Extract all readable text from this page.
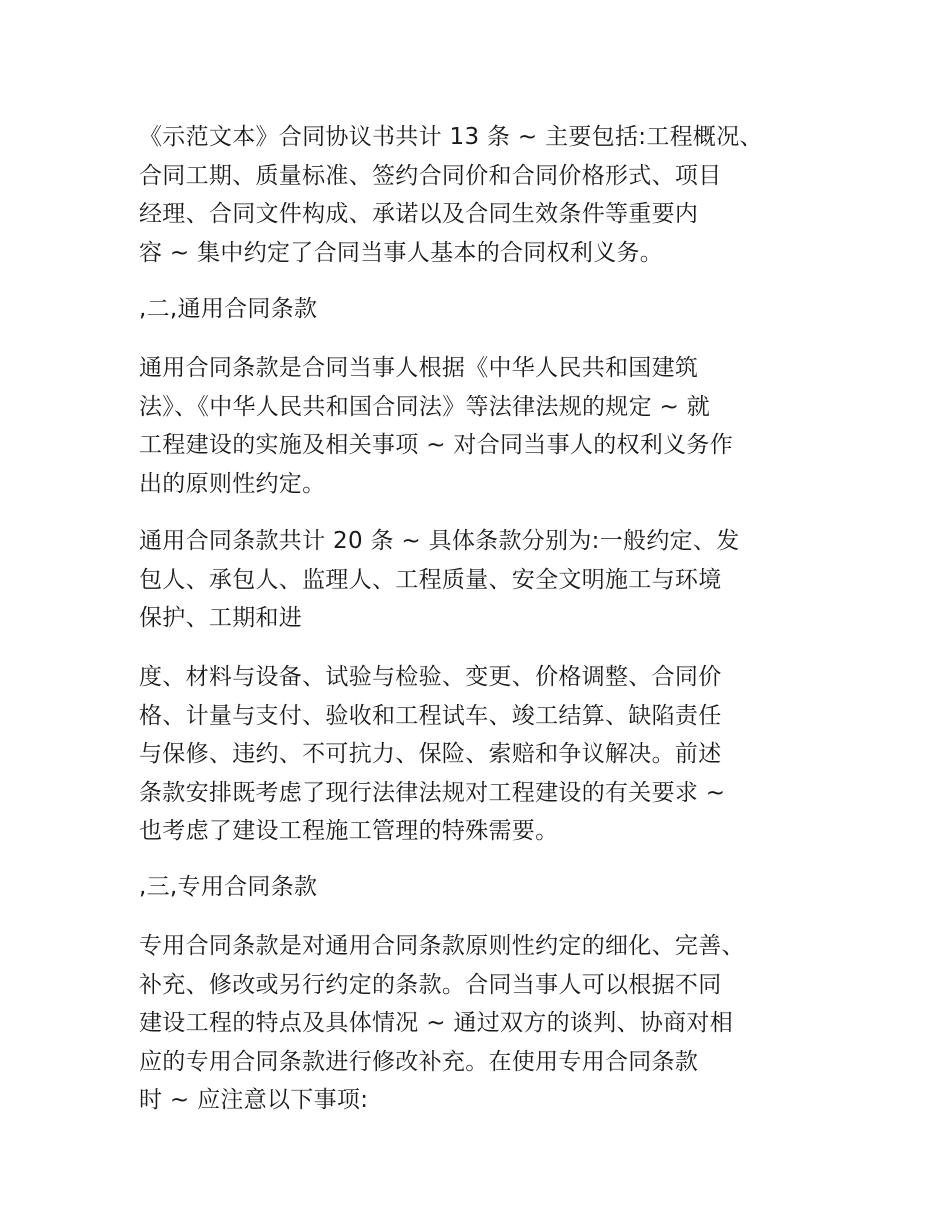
《示范文本》合同协议书共计 13 条 ~ 主要包括:工程概况、
合同工期、质量标准、签约合同价和合同价格形式、项目
经理、合同文件构成、承诺以及合同生效条件等重要内
容 ~ 集中约定了合同当事人基本的合同权利义务。
,二,通用合同条款
通用合同条款是合同当事人根据《中华人民共和国建筑
法》、《中华人民共和国合同法》等法律法规的规定 ~ 就
工程建设的实施及相关事项 ~ 对合同当事人的权利义务作
出的原则性约定。
通用合同条款共计 20 条 ~ 具体条款分别为:一般约定、发
包人、承包人、监理人、工程质量、安全文明施工与环境
保护、工期和进
度、材料与设备、试验与检验、变更、价格调整、合同价
格、计量与支付、验收和工程试车、竣工结算、缺陷责任
与保修、违约、不可抗力、保险、索赔和争议解决。前述
条款安排既考虑了现行法律法规对工程建设的有关要求 ~
也考虑了建设工程施工管理的特殊需要。
,三,专用合同条款
专用合同条款是对通用合同条款原则性约定的细化、完善、
补充、修改或另行约定的条款。合同当事人可以根据不同
建设工程的特点及具体情况 ~ 通过双方的谈判、协商对相
应的专用合同条款进行修改补充。在使用专用合同条款
时 ~ 应注意以下事项:
